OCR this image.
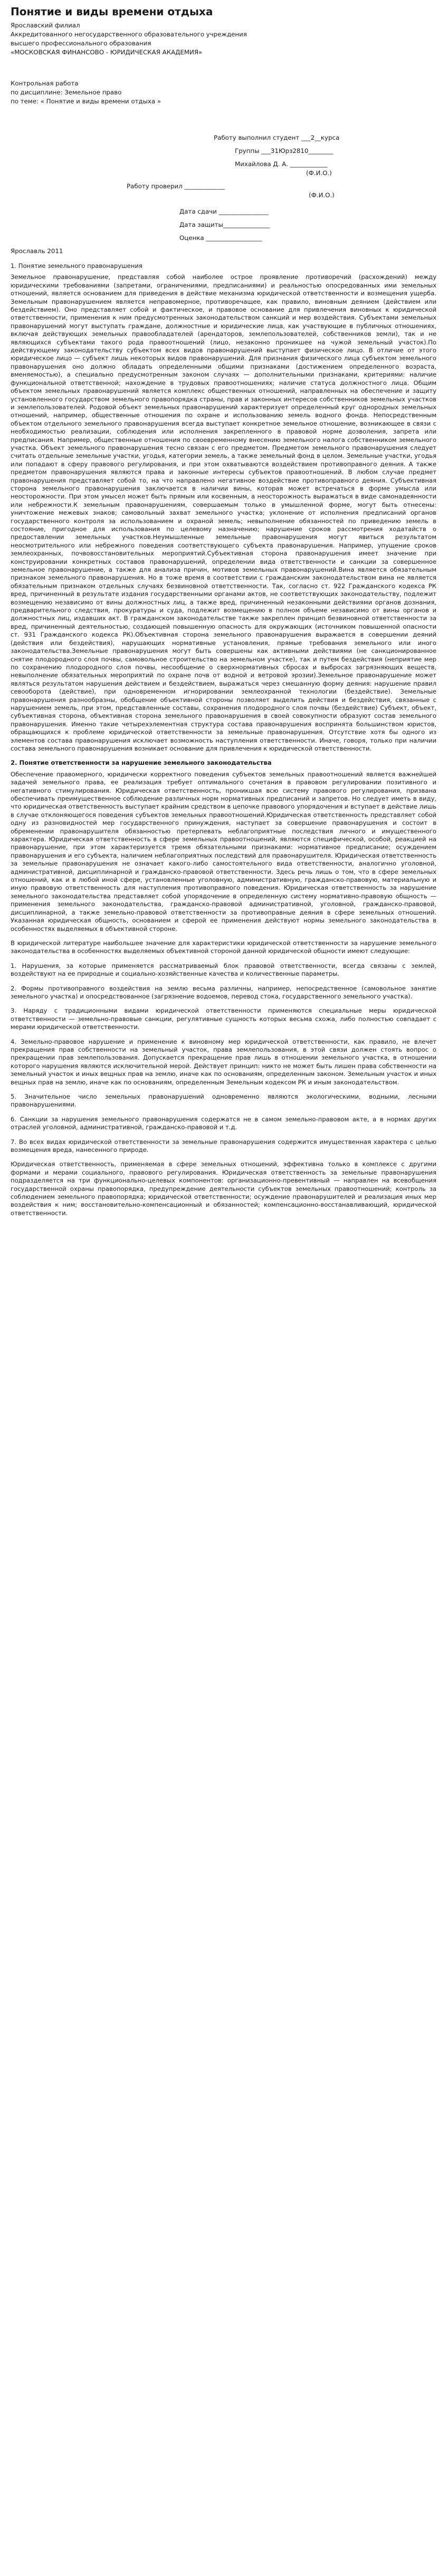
Понятие и виды времени отдыха

Ярославский филиал

Аккредитованного негосударственного образовательного учреждения

высшего профессионального образования

«МОСКОВСКАЯ ФИНАНСОВО - ЮРИДИЧЕСКАЯ АКАДЕМИЯ»

Контрольная работа

по дисциплине: Земельное право

по теме: « Понятие и виды времени отдыха »

Работу выполнил студент ___2__курса

Группы ___31Юрз2810________

Михайлова Д. А. ____________

(Ф.И.О.)

Работу проверил _____________

(Ф.И.О.)

Дата сдачи ________________

Дата защиты_______________

Оценка __________________

Ярославль 2011

1. Понятие земельного правонарушения

Земельное правонарушение, представляя собой наиболее острое проявление противоречий (расхождений) между юридическими требованиями (запретами, ограничениями, предписаниями) и реальностью опосредованных ими земельных отношений, является основанием для приведения в действие механизма юридической ответственности и возмещения ущерба. Земельным правонарушением является неправомерное, противоречащее, как правило, виновным деянием (действием или бездействием). Оно представляет собой и фактическое, и правовое основание для привлечения виновных к юридической ответственности, применения к ним предусмотренных законодательством санкций и мер воздействия. Субъектами земельных правонарушений могут выступать граждане, должностные и юридические лица, как участвующие в публичных отношениях, включая действующих земельных правообладателей (арендаторов, землепользователей, собственников земли), так и не являющихся субъектами такого рода правоотношений (лицо, незаконно проникшее на чужой земельный участок).По действующему законодательству субъектом всех видов правонарушений выступает физическое лицо. В отличие от этого юридическое лицо — субъект лишь некоторых видов правонарушений. Для признания физического лица субъектом земельного правонарушения оно должно обладать определенными общими признаками (достижением определенного возраста, вменяемостью), а специально предусмотренным законом случаях — дополнительными признаками, критериями: наличие функциональной ответственной; нахождение в трудовых правоотношениях; наличие статуса должностного лица. Общим объектом земельных правонарушений является комплекс общественных отношений, направленных на обеспечение и защиту установленного государством земельного правопорядка страны, прав и законных интересов собственников земельных участков и землепользователей. Родовой объект земельных правонарушений характеризует определенный круг однородных земельных отношений, например, общественные отношения по охране и использованию земель водного фонда. Непосредственным объектом отдельного земельного правонарушения всегда выступает конкретное земельное отношение, возникающее в связи с необходимостью реализации, соблюдения или исполнения закрепленного в правовой норме дозволения, запрета или предписания. Например, общественные отношения по своевременному внесению земельного налога собственником земельного участка. Объект земельного правонарушения тесно связан с его предметом. Предметом земельного правонарушения следует считать отдельные земельные участки, угодья, категории земель, а также земельный фонд в целом. Земельные участки, угодья или попадают в сферу правового регулирования, и при этом охватываются воздействием противоправного деяния. А также предметом правонарушения являются права и законные интересы субъектов правоотношений. В любом случае предмет правонарушения представляет собой то, на что направлено негативное воздействие противоправного деяния. Субъективная сторона земельного правонарушения заключается в наличии вины, которая может встречаться в форме умысла или неосторожности. При этом умысел может быть прямым или косвенным, а неосторожность выражаться в виде самонадеянности или небрежности.К земельным правонарушениям, совершаемым только в умышленной форме, могут быть отнесены: уничтожение межевых знаков; самовольный захват земельного участка; уклонение от исполнения предписаний органов государственного контроля за использованием и охраной земель; невыполнение обязанностей по приведению земель в состояние, пригодное для использования по целевому назначению; нарушение сроков рассмотрения ходатайств о предоставлении земельных участков.Неумышленные земельные правонарушения могут явиться результатом неосмотрительного или небрежного поведения соответствующего субъекта правонарушения. Например, упущение сроков землеохранных, почвовосстановительных мероприятий.Субъективная сторона правонарушения имеет значение при конструировании конкретных составов правонарушений, определении вида ответственности и санкции за совершенное земельное правонарушение, а также для анализа причин, мотивов земельных правонарушений.Вина является обязательным признаком земельного правонарушения. Но в тоже время в соответствии с гражданским законодательством вина не является обязательным признаком отдельных случаях безвиновной ответственности. Так, согласно ст. 922 Гражданского кодекса РК вред, причиненный в результате издания государственными органами актов, не соответствующих законодательству, подлежит возмещению независимо от вины должностных лиц, а также вред, причиненный незаконными действиями органов дознания, предварительного следствия, прокуратуры и суда, подлежит возмещению в полном объеме независимо от вины органов и должностных лиц, издавших акт. В гражданском законодательстве также закреплен принцип безвиновной ответственности за вред, причиненный деятельностью, создающей повышенную опасность для окружающих (источником повышенной опасности ст. 931 Гражданского кодекса РК).Объективная сторона земельного правонарушения выражается в совершении деяний (действия или бездействия), нарушающих нормативные установления, прямые требования земельного или иного законодательства.Земельные правонарушения могут быть совершены как активными действиями (не санкционированное снятие плодородного слоя почвы, самовольное строительство на земельном участке), так и путем бездействия (неприятие мер по сохранению плодородного слоя почвы, несообщение о сверхнормативных сбросах и выбросах загрязняющих веществ, невыполнение обязательных мероприятий по охране почв от водной и ветровой эрозии).Земельное правонарушение может являться результатом нарушения действием и бездействием, выражаться через смешанную форму деяния: нарушение правил севооборота (действие), при одновременном игнорировании землеохранной технологии (бездействие). Земельные правонарушения разнообразны, обобщение объективной стороны позволяет выделить действия и бездействия, связанные с нарушением земель, при этом, представленные составы, сохранения плодородного слоя почвы (бездействие) Субъект, объект, субъективная сторона, объективная сторона земельного правонарушения в своей совокупности образуют состав земельного правонарушения. Именно такие четырехэлементная структура состава правонарушения воспринята большинством юристов, обращающихся к проблеме юридической ответственности за земельные правонарушения. Отсутствие хотя бы одного из элементов состава правонарушения исключает возможность наступления ответственности. Иначе, говоря, только при наличии состава земельного правонарушения возникает основание для привлечения к юридической ответственности.

2. Понятие ответственности за нарушение земельного законодательства

Обеспечение правомерного, юридически корректного поведения субъектов земельных правоотношений является важнейшей задачей земельного права, ее реализация требует оптимального сочетания в правовом регулировании позитивного и негативного стимулирования. Юридическая ответственность, проникшая всю систему правового регулирования, призвана обеспечивать преимущественное соблюдение различных норм нормативных предписаний и запретов. Но следует иметь в виду, что юридическая ответственность выступает крайним средством в цепочке правового упорядочения и вступает в действие лишь в случае отклоняющегося поведения субъектов земельных правоотношений.Юридическая ответственность представляет собой одну из разновидностей мер государственного принуждения, наступает за совершение правонарушения и состоит в обременении правонарушителя обязанностью претерпевать неблагоприятные последствия личного и имущественного характера. Юридическая ответственность в сфере земельных правоотношений, являются специфической, особой, реакцией на правонарушение, при этом характеризуется тремя обязательными признаками: нормативное предписание; осуждением правонарушения и его субъекта, наличием неблагоприятных последствий для правонарушителя. Юридическая ответственность за земельные правонарушения не означает какого-либо самостоятельного вида ответственности, аналогично уголовной, административной, дисциплинарной и гражданско-правовой ответственности. Здесь речь лишь о том, что в сфере земельных отношений, как и в любой иной сфере, установленные уголовную, административную, гражданско-правовую, материальную и иную правовую ответственность для наступления противоправного поведения. Юридическая ответственность за нарушение земельного законодательства представляет собой упорядочение в определенную систему нормативно-правовую общность — применения земельного законодательства, гражданско-правовой административной, уголовной, гражданско-правовой, дисциплинарной, а также земельно-правовой ответственности за противоправные деяния в сфере земельных отношений. Указанная юридическая общность, основанием и сферой ее применения действуют нормы земельного законодательства в особенностях выделяемых в объективной стороне.

В юридической литературе наибольшее значение для характеристики юридической ответственности за нарушение земельного законодательства в особенностях выделяемых объективной стороной данной юридической общности имеют следующие:

1. Нарушения, за которые применяется рассматриваемый блок правовой ответственности, всегда связаны с землей, воздействуют на ее природные и социально-хозяйственные качества и количественные параметры.

2. Формы противоправного воздействия на землю весьма различны, например, непосредственное (самовольное занятие земельного участка) и опосредствованное (загрязнение водоемов, перевод стока, государственного земельного участка).

3. Наряду с традиционными видами юридической ответственности применяются специальные меры юридической ответственности — земельно-правовые санкции, регулятивные сущность которых весьма схожа, либо полностью совпадает с мерами юридической ответственности.

4. Земельно-правовое нарушение и применение к виновному мер юридической ответственности, как правило, не влечет прекращения прав собственности на земельный участок, права землепользования, в этой связи должен стоять вопрос о прекращении прав землепользования. Допускается прекращение прав лишь в отношении земельного участка, в отношении которого нарушения являются исключительной мерой. Действует принцип: никто не может быть лишен права собственности на земельный участок и иных вещных прав на землю, иначе как по основаниям, определенным законом. Земельным участок и иных вещных прав на землю, иначе как по основаниям, определенным Земельным кодексом РК и иным законодательством.

5. Значительное число земельных правонарушений одновременно являются экологическими, водными, лесными правонарушениями.

6. Санкции за нарушения земельного правонарушения содержатся не в самом земельно-правовом акте, а в нормах других отраслей уголовной, административной, гражданско-правовой и т.д.

7. Во всех видах юридической ответственности за земельные правонарушения содержится имущественная характера с целью возмещения вреда, нанесенного природе.

Юридическая ответственность, применяемая в сфере земельных отношений, эффективна только в комплексе с другими формами и мерами социального, правового регулирования. Юридическая ответственность за земельные правонарушения подразделяется на три функционально-целевых компонентов: организационно-превентивный — направлен на всевобщения государственной охраны правопорядка, предупреждение деятельности субъектов земельных правоотношений; контроль за соблюдением земельного правопорядка; юридической ответственности; осуждение правонарушителей и реализация иных мер воздействия к ним; восстановительно-компенсационный и обязанностей; компенсационно-восстанавливающий, юридической ответственности.
